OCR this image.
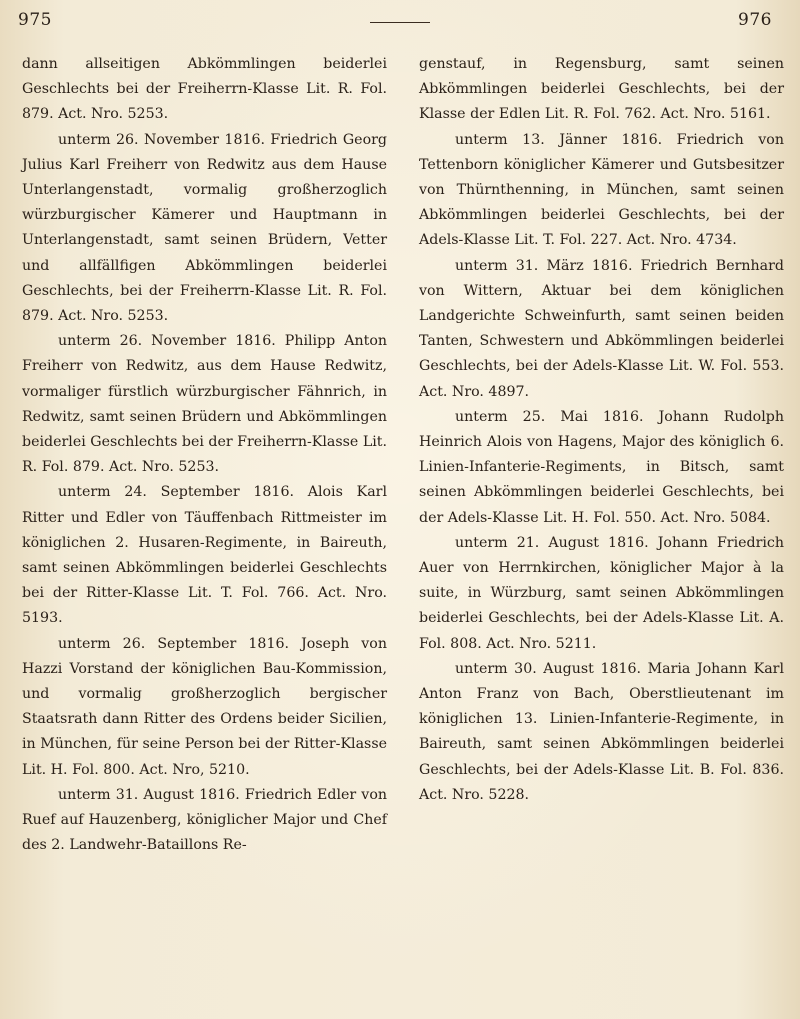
975	976

dann allseitigen Abkömmlingen beiderlei Geschlechts bei der Freiherrn-Klasse Lit. R. Fol. 879. Act. Nro. 5253.

unterm 26. November 1816. Friedrich Georg Julius Karl Freiherr von Redwitz aus dem Hause Unterlangenstadt, vormalig großherzoglich würzburgischer Kämerer und Hauptmann in Unterlangenstadt, samt seinen Brüdern, Vetter und allfällfigen Abkömmlingen beiderlei Geschlechts, bei der Freiherrn-Klasse Lit. R. Fol. 879. Act. Nro. 5253.

unterm 26. November 1816. Philipp Anton Freiherr von Redwitz, aus dem Hause Redwitz, vormaliger fürstlich würzburgischer Fähnrich, in Redwitz, samt seinen Brüdern und Abkömmlingen beiderlei Geschlechts bei der Freiherrn-Klasse Lit. R. Fol. 879. Act. Nro. 5253.

unterm 24. September 1816. Alois Karl Ritter und Edler von Täuffenbach Rittmeister im königlichen 2. Husaren-Regimente, in Baireuth, samt seinen Abkömmlingen beiderlei Geschlechts bei der Ritter-Klasse Lit. T. Fol. 766. Act. Nro. 5193.

unterm 26. September 1816. Joseph von Hazzi Vorstand der königlichen Bau-Kommission, und vormalig großherzoglich bergischer Staatsrath dann Ritter des Ordens beider Sicilien, in München, für seine Person bei der Ritter-Klasse Lit. H. Fol. 800. Act. Nro, 5210.

unterm 31. August 1816. Friedrich Edler von Ruef auf Hauzenberg, königlicher Major und Chef des 2. Landwehr-Bataillons Re-

genstauf, in Regensburg, samt seinen Abkömmlingen beiderlei Geschlechts, bei der Klasse der Edlen Lit. R. Fol. 762. Act. Nro. 5161.

unterm 13. Jänner 1816. Friedrich von Tettenborn königlicher Kämerer und Gutsbesitzer von Thürnthenning, in München, samt seinen Abkömmlingen beiderlei Geschlechts, bei der Adels-Klasse Lit. T. Fol. 227. Act. Nro. 4734.

unterm 31. März 1816. Friedrich Bernhard von Wittern, Aktuar bei dem königlichen Landgerichte Schweinfurth, samt seinen beiden Tanten, Schwestern und Abkömmlingen beiderlei Geschlechts, bei der Adels-Klasse Lit. W. Fol. 553. Act. Nro. 4897.

unterm 25. Mai 1816. Johann Rudolph Heinrich Alois von Hagens, Major des königlich 6. Linien-Infanterie-Regiments, in Bitsch, samt seinen Abkömmlingen beiderlei Geschlechts, bei der Adels-Klasse Lit. H. Fol. 550. Act. Nro. 5084.

unterm 21. August 1816. Johann Friedrich Auer von Herrnkirchen, königlicher Major à la suite, in Würzburg, samt seinen Abkömmlingen beiderlei Geschlechts, bei der Adels-Klasse Lit. A. Fol. 808. Act. Nro. 5211.

unterm 30. August 1816. Maria Johann Karl Anton Franz von Bach, Oberstlieutenant im königlichen 13. Linien-Infanterie-Regimente, in Baireuth, samt seinen Abkömmlingen beiderlei Geschlechts, bei der Adels-Klasse Lit. B. Fol. 836. Act. Nro. 5228.
